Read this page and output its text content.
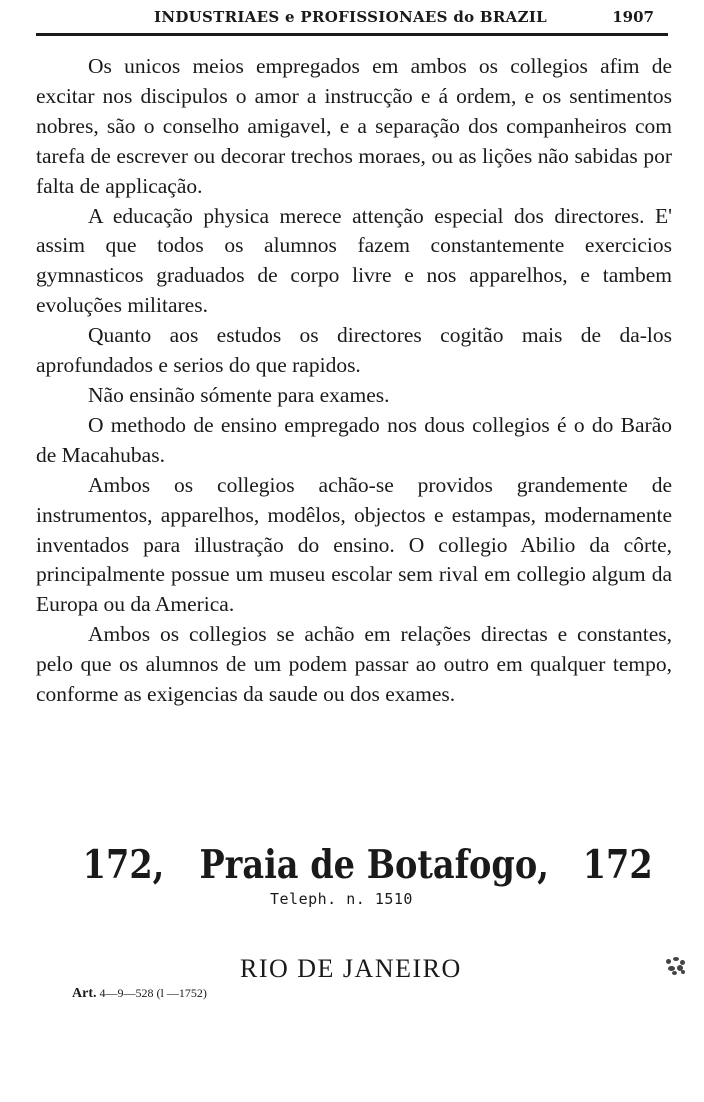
INDUSTRIAES e PROFISSIONAES do BRAZIL	1907

Os unicos meios empregados em ambos os collegios afim de excitar nos discipulos o amor a instrucção e á ordem, e os sentimentos nobres, são o conselho amigavel, e a separação dos companheiros com tarefa de escrever ou decorar trechos moraes, ou as lições não sabidas por falta de applicação.

A educação physica merece attenção especial dos directores. E' assim que todos os alumnos fazem constantemente exercicios gymnasticos graduados de corpo livre e nos apparelhos, e tambem evoluções militares.

Quanto aos estudos os directores cogitão mais de da-los aprofundados e serios do que rapidos.

Não ensinão sómente para exames.

O methodo de ensino empregado nos dous collegios é o do Barão de Macahubas.

Ambos os collegios achão-se providos grandemente de instrumentos, apparelhos, modêlos, objectos e estampas, modernamente inventados para illustração do ensino. O collegio Abilio da côrte, principalmente possue um museu escolar sem rival em collegio algum da Europa ou da America.

Ambos os collegios se achão em relações directas e constantes, pelo que os alumnos de um podem passar ao outro em qualquer tempo, conforme as exigencias da saude ou dos exames.

172, Praia de Botafogo, 172
Teleph. n. 1510
RIO DE JANEIRO
Art. 4—9—528 (l —1752)
